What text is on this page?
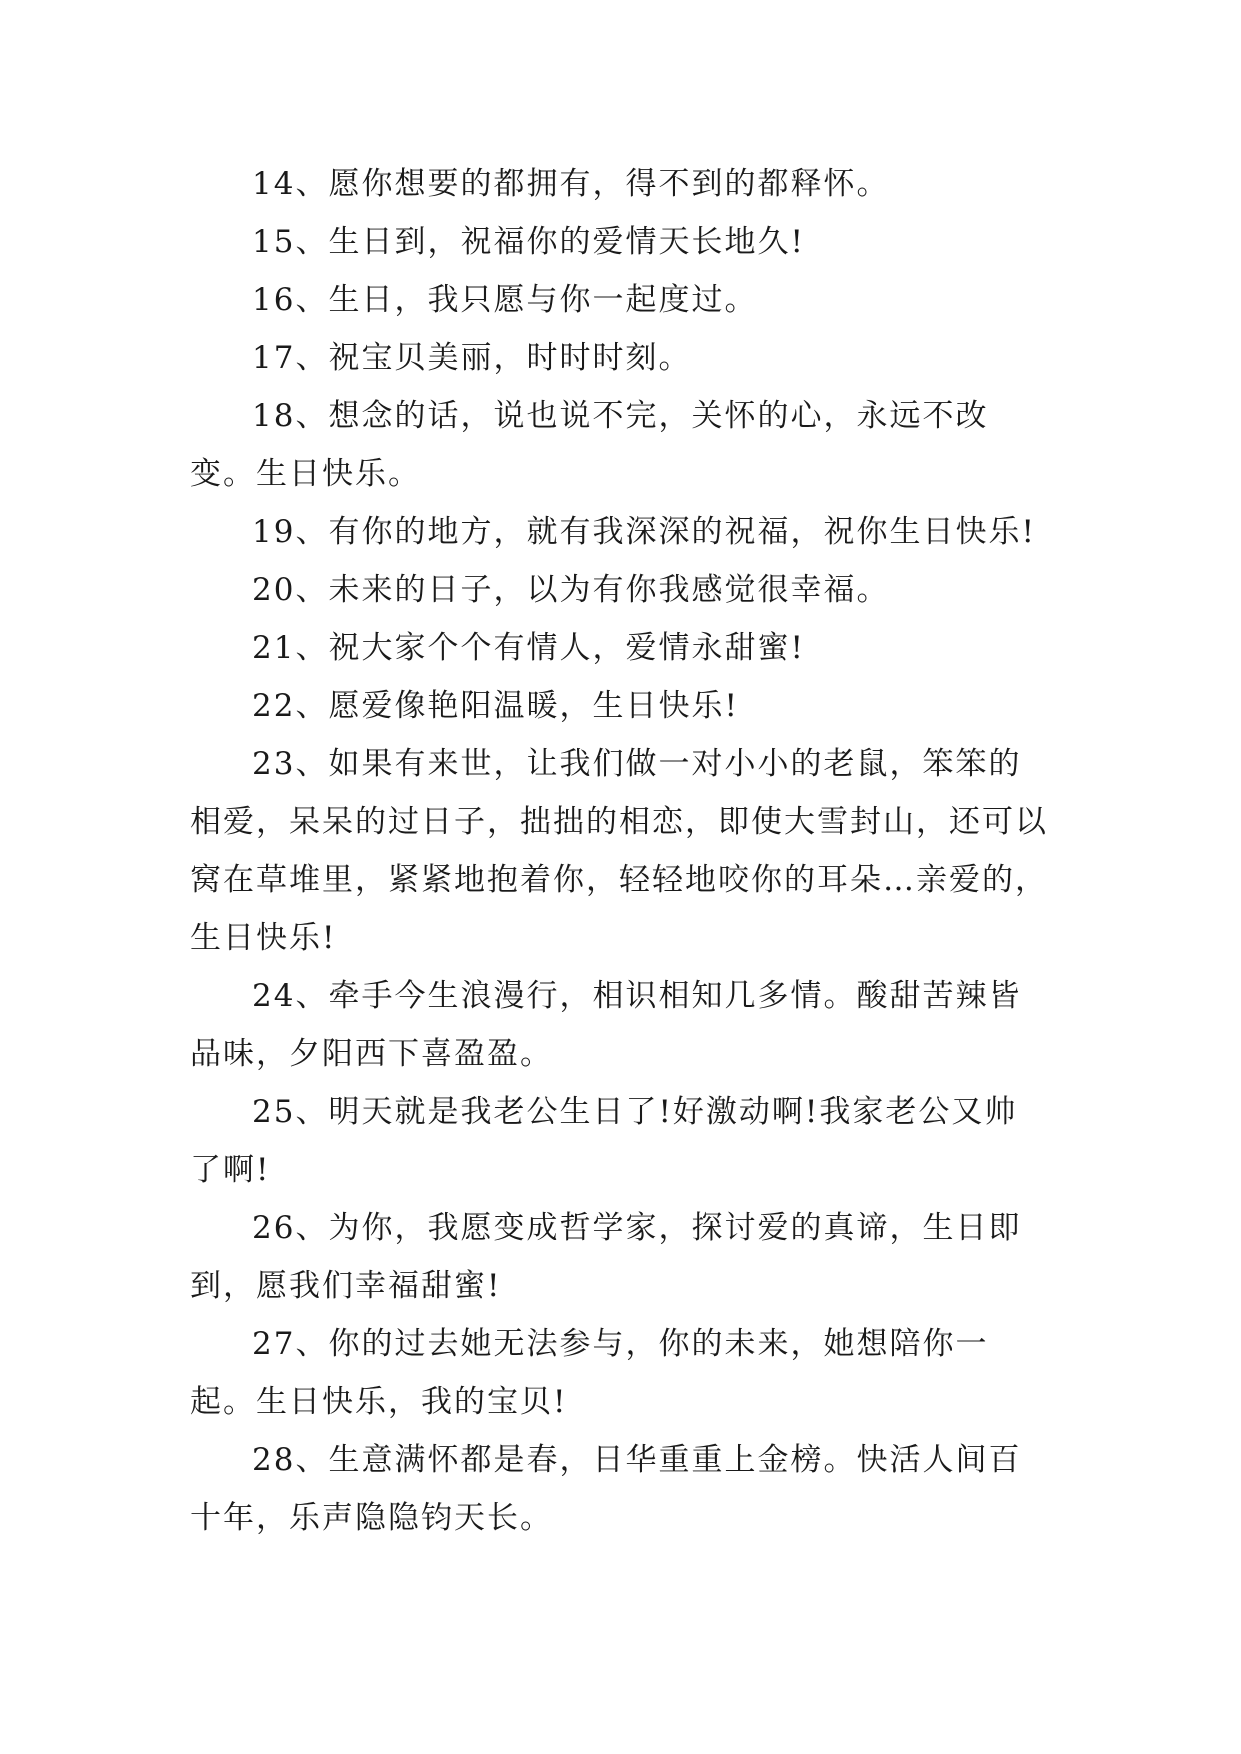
14、愿你想要的都拥有，得不到的都释怀。

15、生日到，祝福你的爱情天长地久!

16、生日，我只愿与你一起度过。

17、祝宝贝美丽，时时时刻。

18、想念的话，说也说不完，关怀的心，永远不改变。生日快乐。

19、有你的地方，就有我深深的祝福，祝你生日快乐!

20、未来的日子，以为有你我感觉很幸福。

21、祝大家个个有情人，爱情永甜蜜!

22、愿爱像艳阳温暖，生日快乐!

23、如果有来世，让我们做一对小小的老鼠，笨笨的相爱，呆呆的过日子，拙拙的相恋，即使大雪封山，还可以窝在草堆里，紧紧地抱着你，轻轻地咬你的耳朵…亲爱的，生日快乐!

24、牵手今生浪漫行，相识相知几多情。酸甜苦辣皆品味，夕阳西下喜盈盈。

25、明天就是我老公生日了!好激动啊!我家老公又帅了啊!

26、为你，我愿变成哲学家，探讨爱的真谛，生日即到，愿我们幸福甜蜜!

27、你的过去她无法参与，你的未来，她想陪你一起。生日快乐，我的宝贝!

28、生意满怀都是春，日华重重上金榜。快活人间百十年，乐声隐隐钧天长。
